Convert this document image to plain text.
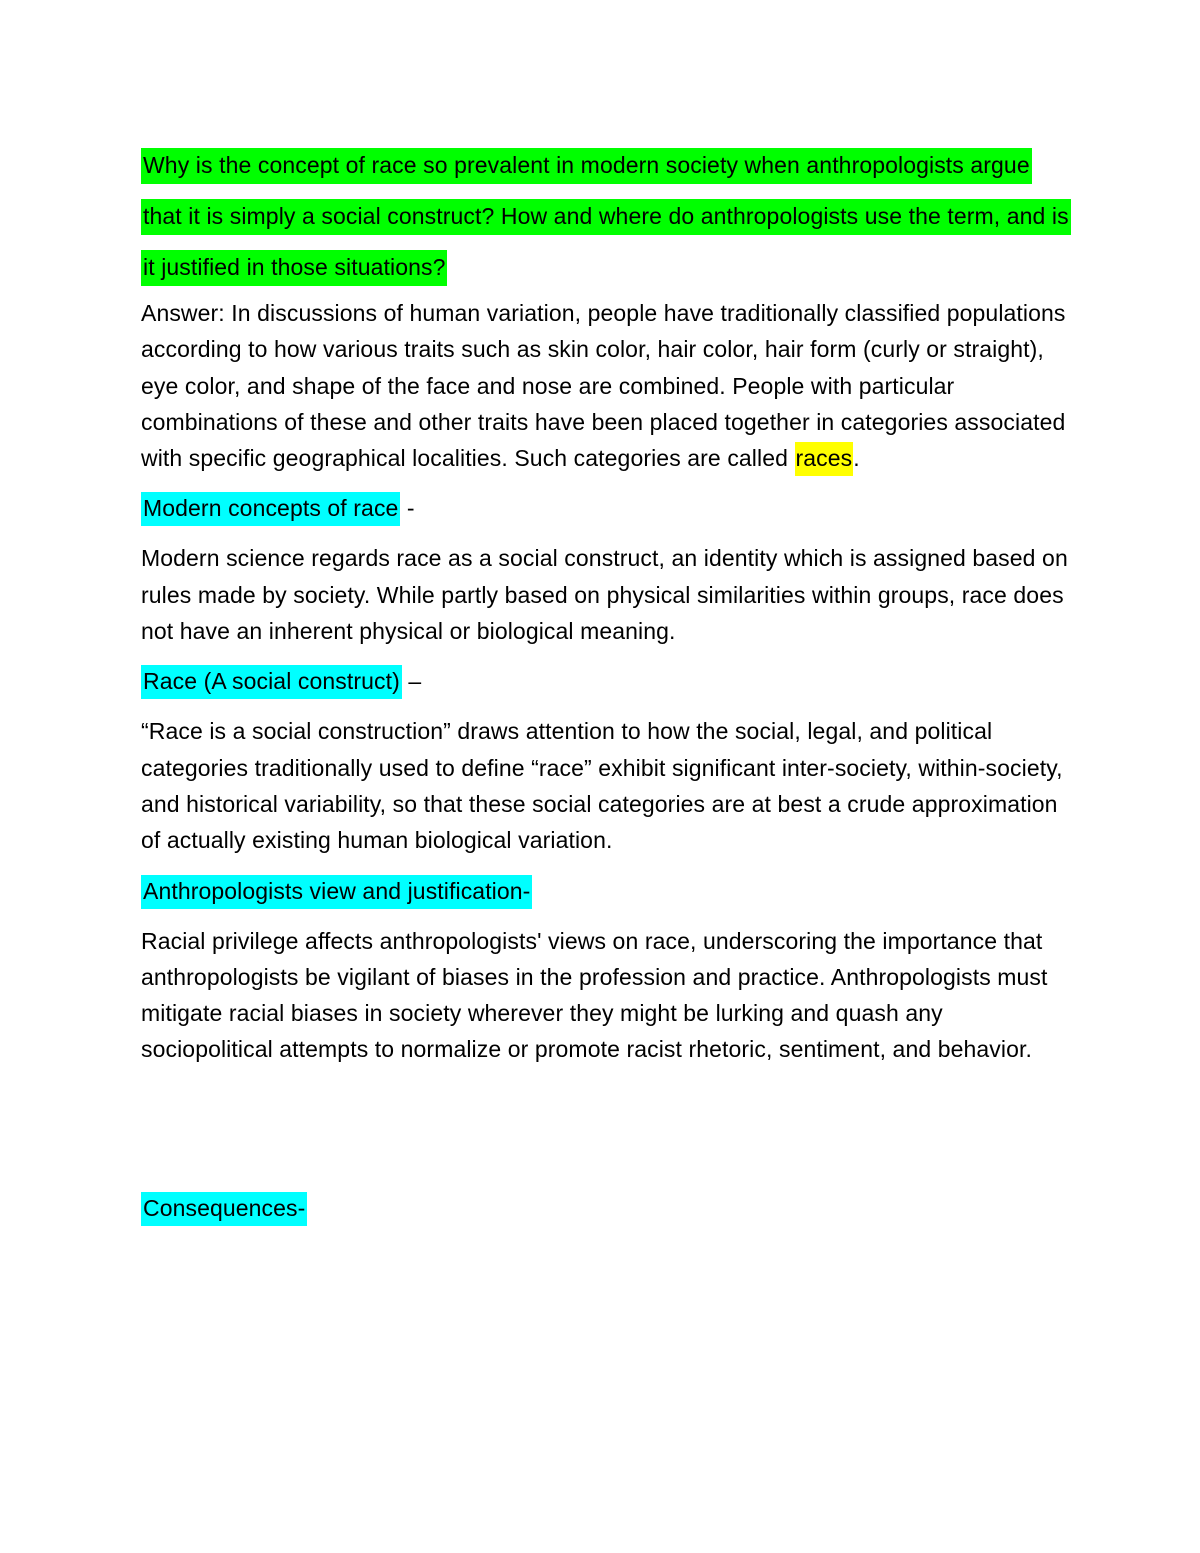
Why is the concept of race so prevalent in modern society when anthropologists argue that it is simply a social construct? How and where do anthropologists use the term, and is it justified in those situations?

Answer: In discussions of human variation, people have traditionally classified populations according to how various traits such as skin color, hair color, hair form (curly or straight), eye color, and shape of the face and nose are combined. People with particular combinations of these and other traits have been placed together in categories associated with specific geographical localities. Such categories are called races.

Modern concepts of race -

Modern science regards race as a social construct, an identity which is assigned based on rules made by society. While partly based on physical similarities within groups, race does not have an inherent physical or biological meaning.

Race (A social construct) –

“Race is a social construction” draws attention to how the social, legal, and political categories traditionally used to define “race” exhibit significant inter-society, within-society, and historical variability, so that these social categories are at best a crude approximation of actually existing human biological variation.

Anthropologists view and justification-

Racial privilege affects anthropologists' views on race, underscoring the importance that anthropologists be vigilant of biases in the profession and practice. Anthropologists must mitigate racial biases in society wherever they might be lurking and quash any sociopolitical attempts to normalize or promote racist rhetoric, sentiment, and behavior.

Consequences-
